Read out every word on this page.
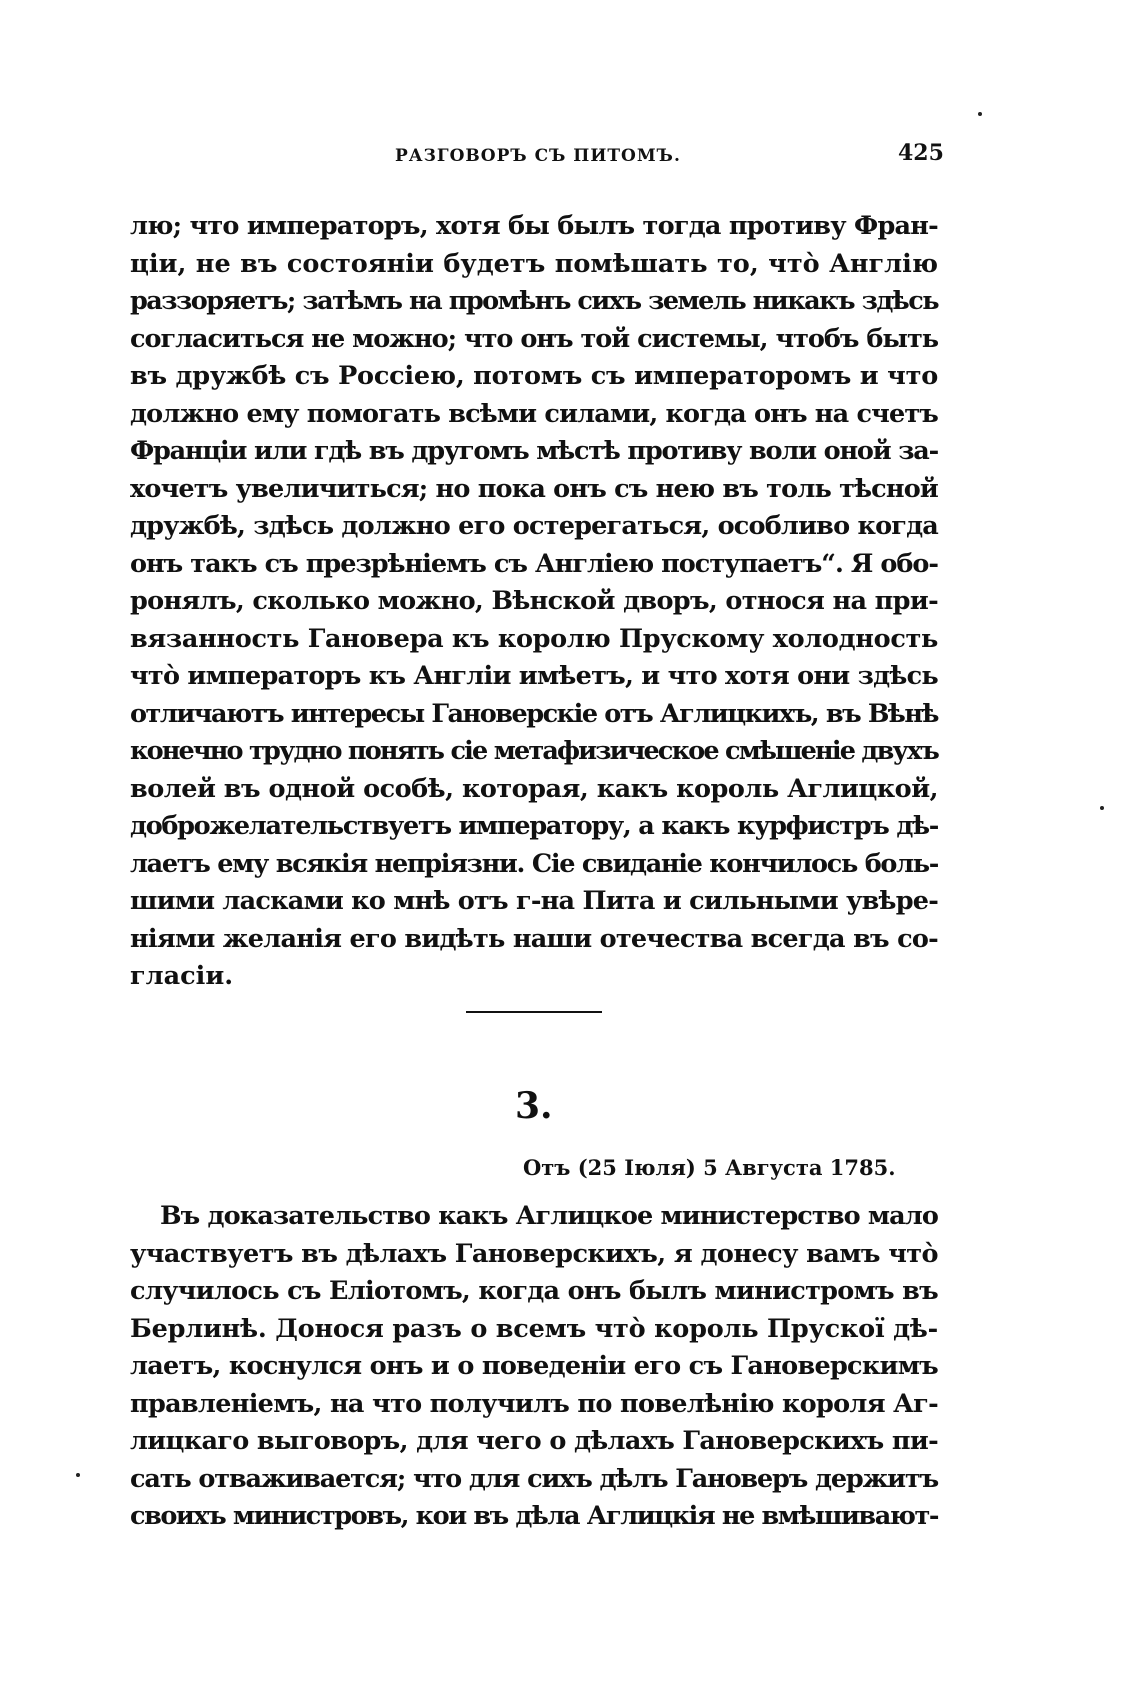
РАЗГОВОРЪ СЪ ПИТОМЪ.	425
лю; что императоръ, хотя бы былъ тогда противу Фран-
ціи, не въ состояніи будетъ помѣшать то, что̀ Англію
раззоряетъ; затѣмъ на промѣнъ сихъ земель никакъ здѣсь
согласиться не можно; что онъ той системы, чтобъ быть
въ дружбѣ съ Россіею, потомъ съ императоромъ и что
должно ему помогать всѣми силами, когда онъ на счетъ
Франціи или гдѣ въ другомъ мѣстѣ противу воли оной за-
хочетъ увеличиться; но пока онъ съ нею въ толь тѣсной
дружбѣ, здѣсь должно его остерегаться, особливо когда
онъ такъ съ презрѣніемъ съ Англіею поступаетъ“. Я обо-
ронялъ, сколько можно, Вѣнской дворъ, относя на при-
вязанность Гановера къ королю Прускому холодность
что̀ императоръ къ Англіи имѣетъ, и что хотя они здѣсь
отличаютъ интересы Гановерскіе отъ Аглицкихъ, въ Вѣнѣ
конечно трудно понять сіе метафизическое смѣшеніе двухъ
волей въ одной особѣ, которая, какъ король Аглицкой,
доброжелательствуетъ императору, а какъ курфистръ дѣ-
лаетъ ему всякія непріязни. Сіе свиданіе кончилось боль-
шими ласками ко мнѣ отъ г-на Пита и сильными увѣре-
ніями желанія его видѣть наши отечества всегда въ со-
гласіи.
3.
Отъ (25 Іюля) 5 Августа 1785.
Въ доказательство какъ Аглицкое министерство мало
участвуетъ въ дѣлахъ Гановерскихъ, я донесу вамъ что̀
случилось съ Еліотомъ, когда онъ былъ министромъ въ
Берлинѣ. Донося разъ о всемъ что̀ король Прускої дѣ-
лаетъ, коснулся онъ и о поведеніи его съ Гановерскимъ
правленіемъ, на что получилъ по повелѣнію короля Аг-
лицкаго выговоръ, для чего о дѣлахъ Гановерскихъ пи-
сать отваживается; что для сихъ дѣлъ Гановеръ держитъ
своихъ министровъ, кои въ дѣла Аглицкія не вмѣшивают-
